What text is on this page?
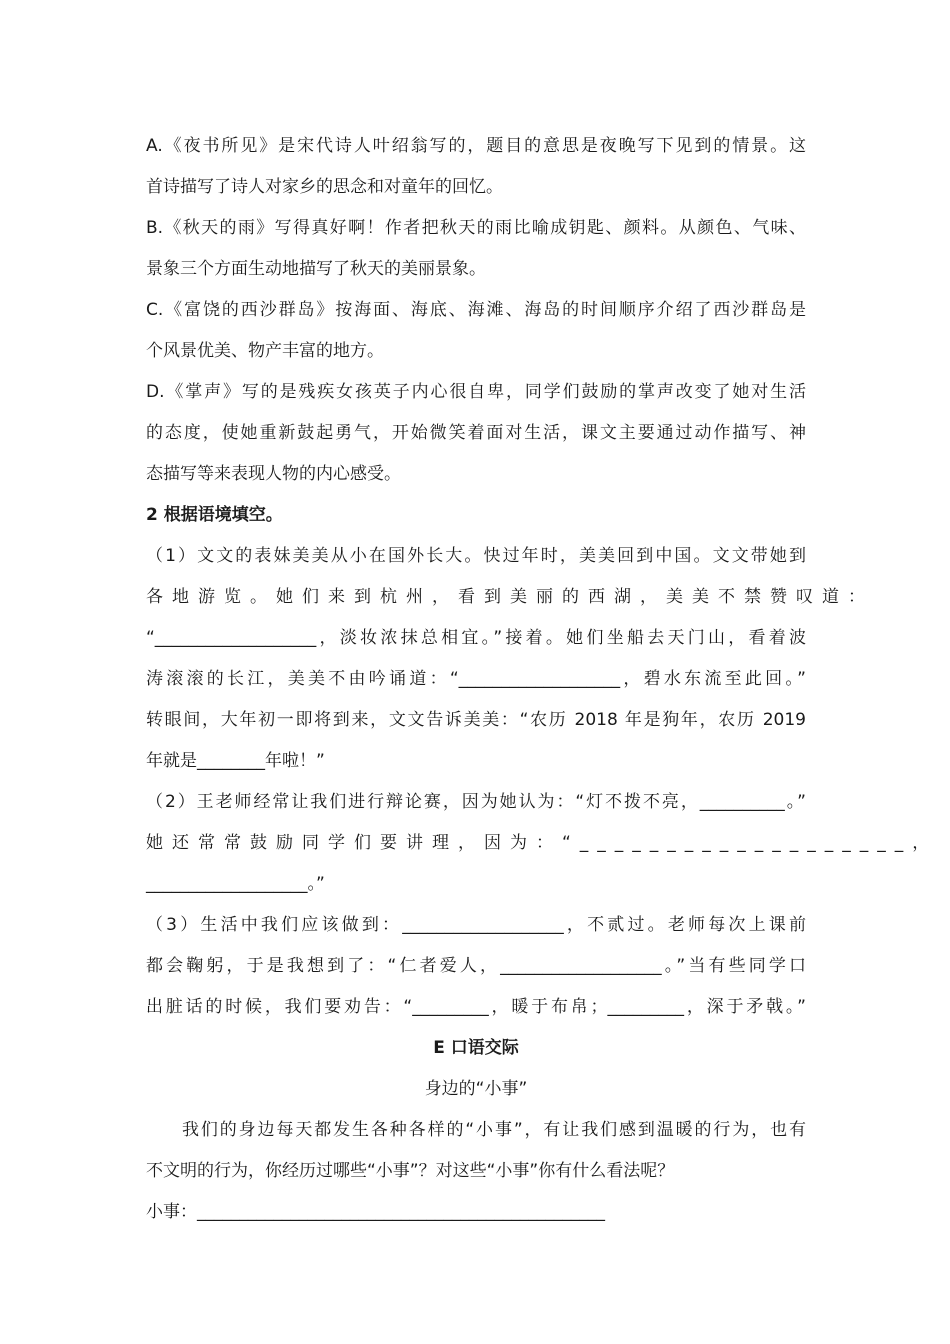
A.《夜书所见》是宋代诗人叶绍翁写的，题目的意思是夜晚写下见到的情景。这
首诗描写了诗人对家乡的思念和对童年的回忆。
B.《秋天的雨》写得真好啊！作者把秋天的雨比喻成钥匙、颜料。从颜色、气味、
景象三个方面生动地描写了秋天的美丽景象。
C.《富饶的西沙群岛》按海面、海底、海滩、海岛的时间顺序介绍了西沙群岛是
个风景优美、物产丰富的地方。
D.《掌声》写的是残疾女孩英子内心很自卑，同学们鼓励的掌声改变了她对生活
的态度，使她重新鼓起勇气，开始微笑着面对生活，课文主要通过动作描写、神
态描写等来表现人物的内心感受。
2 根据语境填空。
（1）文文的表妹美美从小在国外长大。快过年时，美美回到中国。文文带她到
各地游览。她们来到杭州，看到美丽的西湖，美美不禁赞叹道：
“___________________，淡妆浓抹总相宜。”接着。她们坐船去天门山，看着波
涛滚滚的长江，美美不由吟诵道：“___________________，碧水东流至此回。”
转眼间，大年初一即将到来，文文告诉美美：“农历 2018 年是狗年，农历 2019
年就是________年啦！”
（2）王老师经常让我们进行辩论赛，因为她认为：“灯不拨不亮，__________。”
她还常常鼓励同学们要讲理，因为：“___________________，
___________________。”
（3）生活中我们应该做到：___________________，不贰过。老师每次上课前
都会鞠躬，于是我想到了：“仁者爱人，___________________。”当有些同学口
出脏话的时候，我们要劝告：“_________，暖于布帛；_________，深于矛戟。”
E 口语交际
身边的“小事”
我们的身边每天都发生各种各样的“小事”，有让我们感到温暖的行为，也有
不文明的行为，你经历过哪些“小事”？对这些“小事”你有什么看法呢？
小事：________________________________________________
